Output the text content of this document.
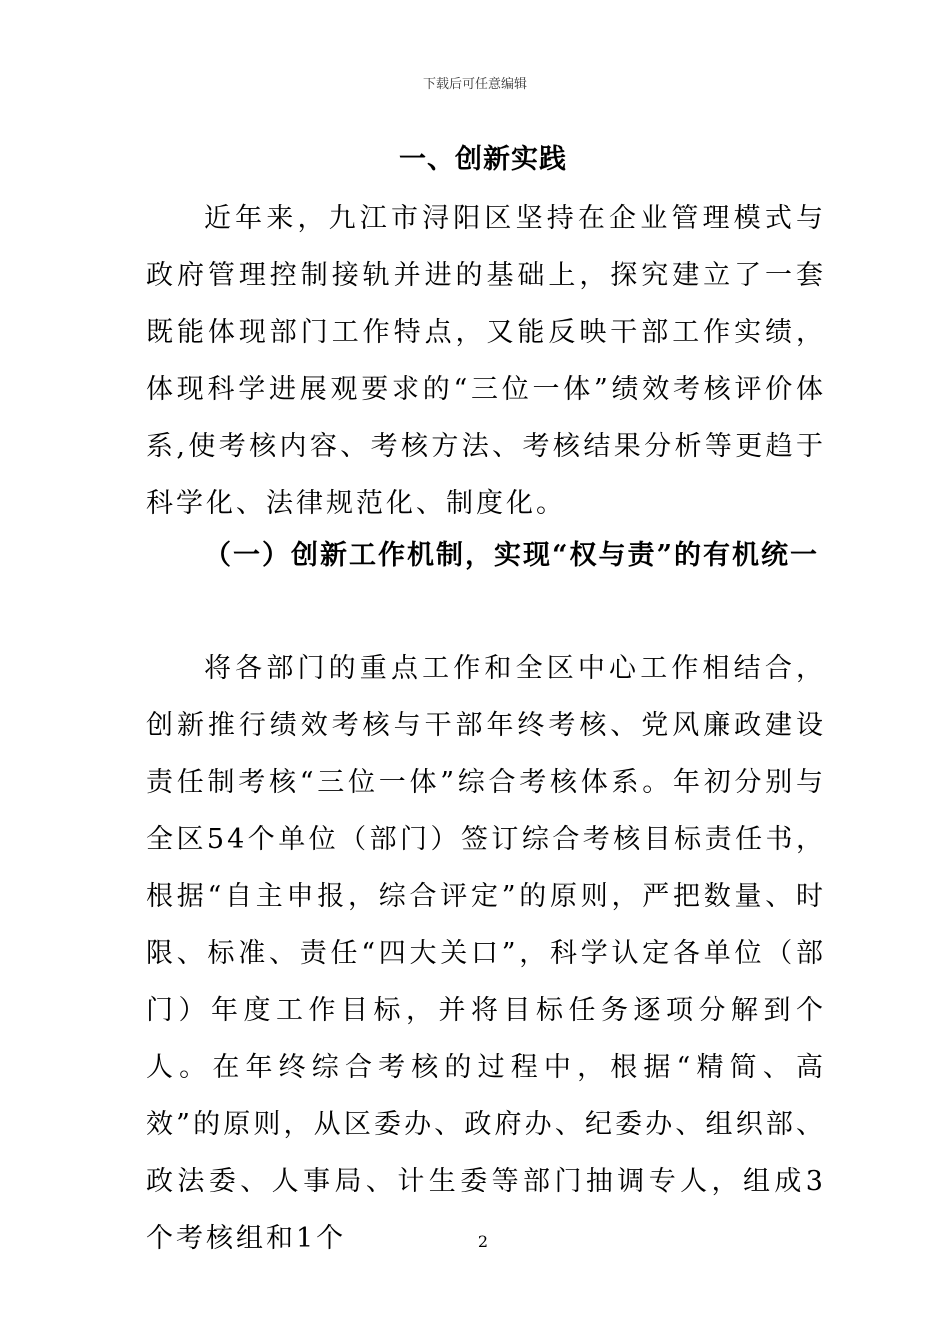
下载后可任意编辑
一、创新实践

近年来，九江市浔阳区坚持在企业管理模式与政府管理控制接轨并进的基础上，探究建立了一套既能体现部门工作特点，又能反映干部工作实绩，体现科学进展观要求的“三位一体”绩效考核评价体系,使考核内容、考核方法、考核结果分析等更趋于科学化、法律规范化、制度化。

（一）创新工作机制，实现“权与责”的有机统一

将各部门的重点工作和全区中心工作相结合，创新推行绩效考核与干部年终考核、党风廉政建设责任制考核“三位一体”综合考核体系。年初分别与全区54个单位（部门）签订综合考核目标责任书，根据“自主申报，综合评定”的原则，严把数量、时限、标准、责任“四大关口”，科学认定各单位（部门）年度工作目标，并将目标任务逐项分解到个人。在年终综合考核的过程中，根据“精简、高效”的原则，从区委办、政府办、纪委办、组织部、政法委、人事局、计生委等部门抽调专人，组成3个考核组和1个	2
